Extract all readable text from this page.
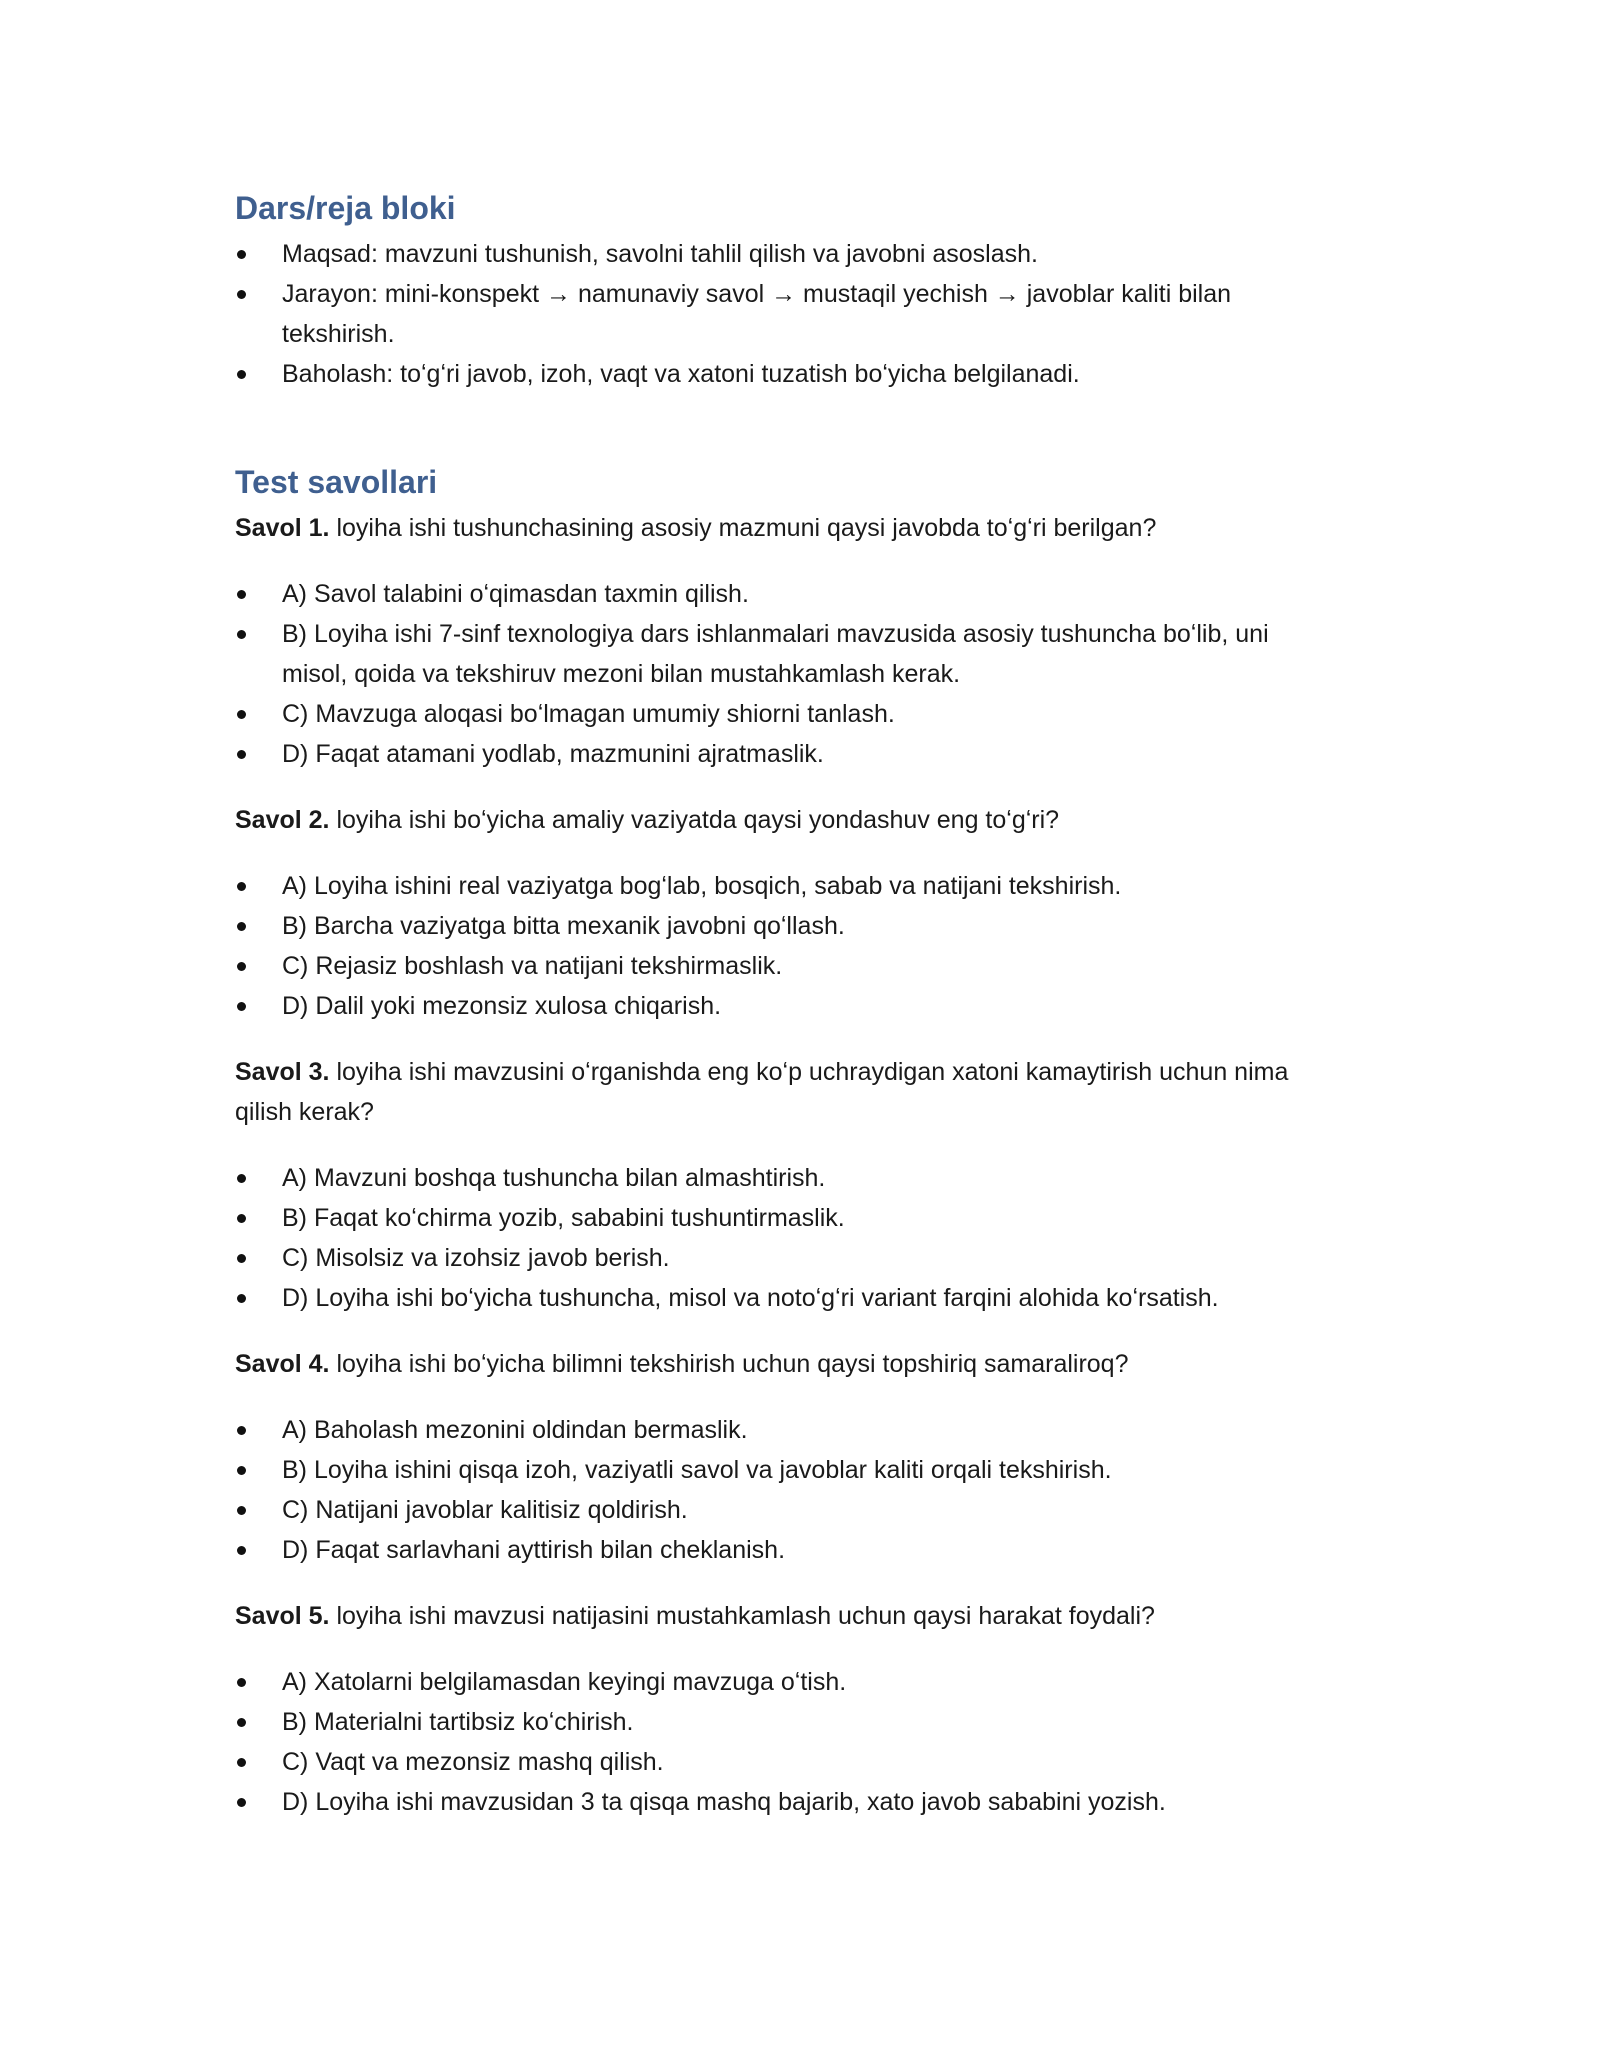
Dars/reja bloki
Maqsad: mavzuni tushunish, savolni tahlil qilish va javobni asoslash.
Jarayon: mini-konspekt → namunaviy savol → mustaqil yechish → javoblar kaliti bilan tekshirish.
Baholash: toʻgʻri javob, izoh, vaqt va xatoni tuzatish boʻyicha belgilanadi.
Test savollari

Savol 1. loyiha ishi tushunchasining asosiy mazmuni qaysi javobda toʻgʻri berilgan?

A) Savol talabini oʻqimasdan taxmin qilish.
B) Loyiha ishi 7-sinf texnologiya dars ishlanmalari mavzusida asosiy tushuncha boʻlib, uni misol, qoida va tekshiruv mezoni bilan mustahkamlash kerak.
C) Mavzuga aloqasi boʻlmagan umumiy shiorni tanlash.
D) Faqat atamani yodlab, mazmunini ajratmaslik.

Savol 2. loyiha ishi boʻyicha amaliy vaziyatda qaysi yondashuv eng toʻgʻri?

A) Loyiha ishini real vaziyatga bogʻlab, bosqich, sabab va natijani tekshirish.
B) Barcha vaziyatga bitta mexanik javobni qoʻllash.
C) Rejasiz boshlash va natijani tekshirmaslik.
D) Dalil yoki mezonsiz xulosa chiqarish.

Savol 3. loyiha ishi mavzusini oʻrganishda eng koʻp uchraydigan xatoni kamaytirish uchun nima qilish kerak?

A) Mavzuni boshqa tushuncha bilan almashtirish.
B) Faqat koʻchirma yozib, sababini tushuntirmaslik.
C) Misolsiz va izohsiz javob berish.
D) Loyiha ishi boʻyicha tushuncha, misol va notoʻgʻri variant farqini alohida koʻrsatish.

Savol 4. loyiha ishi boʻyicha bilimni tekshirish uchun qaysi topshiriq samaraliroq?

A) Baholash mezonini oldindan bermaslik.
B) Loyiha ishini qisqa izoh, vaziyatli savol va javoblar kaliti orqali tekshirish.
C) Natijani javoblar kalitisiz qoldirish.
D) Faqat sarlavhani ayttirish bilan cheklanish.

Savol 5. loyiha ishi mavzusi natijasini mustahkamlash uchun qaysi harakat foydali?

A) Xatolarni belgilamasdan keyingi mavzuga oʻtish.
B) Materialni tartibsiz koʻchirish.
C) Vaqt va mezonsiz mashq qilish.
D) Loyiha ishi mavzusidan 3 ta qisqa mashq bajarib, xato javob sababini yozish.
